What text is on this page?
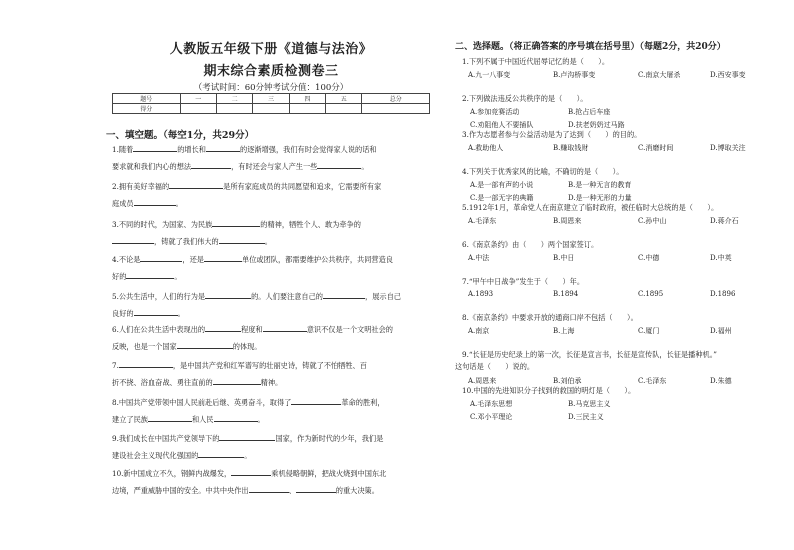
人教版五年级下册《道德与法治》
期末综合素质检测卷三
（考试时间：60分钟考试分值：100分）
题号	一	二	三	四	五	总分
得分						
一、填空题。（每空1分，共29分）
1.随着	的增长和	的逐渐增强，我们有时会觉得家人说的话和
要求就和我们内心的想法	，有时还会与家人产生一些	。
2.拥有美好幸福的	是所有家庭成员的共同愿望和追求，它需要所有家
庭成员	。
3.不同的时代，为国家、为民族	的精神，牺牲个人、敢为牵争的
，铸就了我们伟大的	。
4.不论是	，还是	单位或团队，都需要维护公共秩序，共同营造良
好的	。
5.公共生活中，人们的行为是	的。人们要注意自己的	，展示自己
良好的	。
6.人们在公共生活中表现出的	程度和	意识不仅是一个文明社会的
反映，也是一个国家	的体现。
7.	，是中国共产党和红军谱写的壮丽史诗，铸就了不怕牺牲、百
折不挠、浴血奋战、勇往直前的	精神。
8.中国共产党带领中国人民前赴后继、英勇奋斗，取得了	革命的胜利，
建立了民族	和人民	。
9.我们成长在中国共产党领导下的	国家，作为新时代的少年，我们是
建设社会主义现代化强国的	。
10.新中国成立不久，钢鲜内战爆发，	乘机侵略朝鲜，把战火烧到中国东北
边境，严重威胁中国的安全。中共中央作出	、	的重大决策。
二、选择题。（将正确答案的序号填在括号里）（每题2分，共20分）
1.下列不属于中国近代屈辱记忆的是（　　）。
A.九一八事变	B.卢沟桥事变	C.南京大屠杀	D.西安事变
2.下列做法违反公共秩序的是（　　）。
A.参加竞赛活动	B.抢占后车座
C.劝阻他人不要插队	D.扶老奶奶过马路
3.作为志愿者参与公益活动是为了达到（　　）的目的。
A.救助他人	B.赚取钱财	C.消磨时间	D.博取关注
4.下列关于优秀家风的比喻，不确切的是（　　）。
A.是一部有声的小说	B.是一种无言的教育
C.是一部无字的典籍	D.是一种无形的力量
5.1912年1月，革命党人在南京建立了临时政府，被任临时大总统的是（　　）。
A.毛泽东	B.周恩来	C.孙中山	D.蒋介石
6.《南京条约》由（　　）两个国家签订。
A.中法	B.中日	C.中德	D.中英
7.“甲午中日战争”发生于（　　）年。
A.1893	B.1894	C.1895	D.1896
8.《南京条约》中要求开放的通商口岸不包括（　　）。
A.南京	B.上海	C.厦门	D.福州
9.“长征是历史纪录上的第一次，长征是宣言书，长征是宣传队，长征是播种机。”
这句话是（　　）说的。
A.周恩来	B.刘伯承	C.毛泽东	D.朱德
10.中国的先进知识分子找到的救国的明灯是（　　）。
A.毛泽东思想	B.马克思主义
C.邓小平理论	D.三民主义
